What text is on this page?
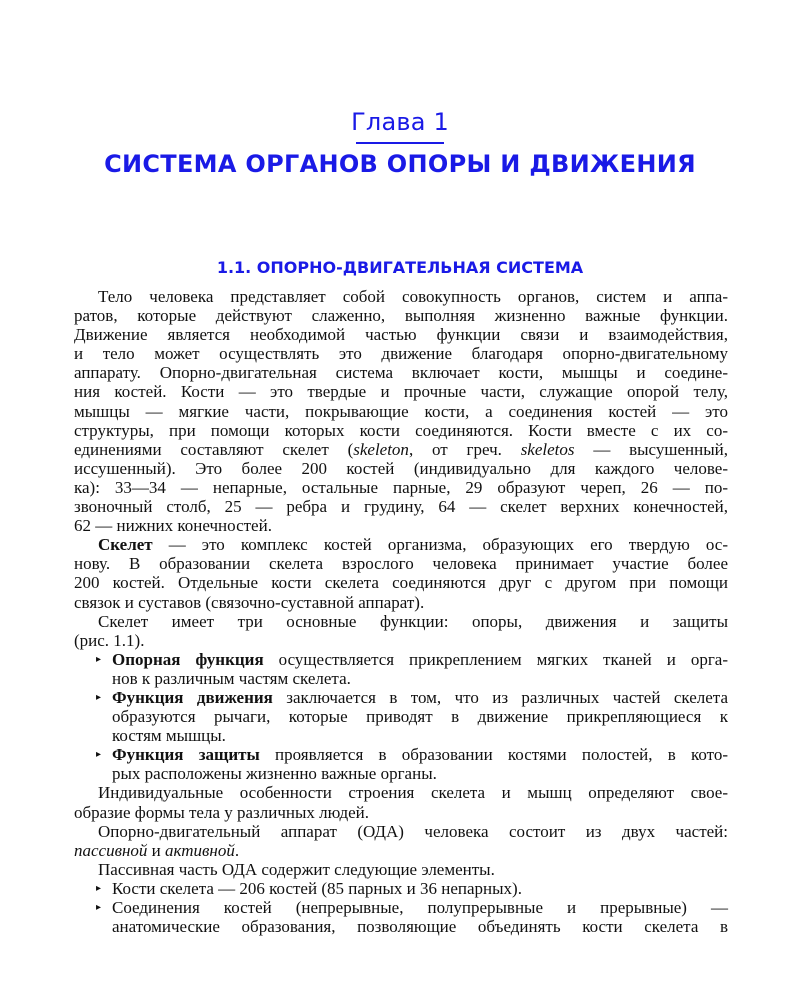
Глава 1
СИСТЕМА ОРГАНОВ ОПОРЫ И ДВИЖЕНИЯ
1.1. ОПОРНО-ДВИГАТЕЛЬНАЯ СИСТЕМА
Тело человека представляет собой совокупность органов, систем и аппа-
ратов, которые действуют слаженно, выполняя жизненно важные функции.
Движение является необходимой частью функции связи и взаимодействия,
и тело может осуществлять это движение благодаря опорно-двигательному
аппарату. Опорно-двигательная система включает кости, мышцы и соедине-
ния костей. Кости — это твердые и прочные части, служащие опорой телу,
мышцы — мягкие части, покрывающие кости, а соединения костей — это
структуры, при помощи которых кости соединяются. Кости вместе с их со-
единениями составляют скелет (skeleton, от греч. skeletos — высушенный,
иссушенный). Это более 200 костей (индивидуально для каждого челове-
ка): 33—34 — непарные, остальные парные, 29 образуют череп, 26 — по-
звоночный столб, 25 — ребра и грудину, 64 — скелет верхних конечностей,
62 — нижних конечностей.
Скелет — это комплекс костей организма, образующих его твердую ос-
нову. В образовании скелета взрослого человека принимает участие более
200 костей. Отдельные кости скелета соединяются друг с другом при помощи
связок и суставов (связочно-суставной аппарат).
Скелет имеет три основные функции: опоры, движения и защиты
(рис. 1.1).
▸ Опорная функция осуществляется прикреплением мягких тканей и орга-
нов к различным частям скелета.
▸ Функция движения заключается в том, что из различных частей скелета
образуются рычаги, которые приводят в движение прикрепляющиеся к
костям мышцы.
▸ Функция защиты проявляется в образовании костями полостей, в кото-
рых расположены жизненно важные органы.
Индивидуальные особенности строения скелета и мышц определяют свое-
образие формы тела у различных людей.
Опорно-двигательный аппарат (ОДА) человека состоит из двух частей:
пассивной и активной.
Пассивная часть ОДА содержит следующие элементы.
▸ Кости скелета — 206 костей (85 парных и 36 непарных).
▸ Соединения костей (непрерывные, полупрерывные и прерывные) —
анатомические образования, позволяющие объединять кости скелета в
